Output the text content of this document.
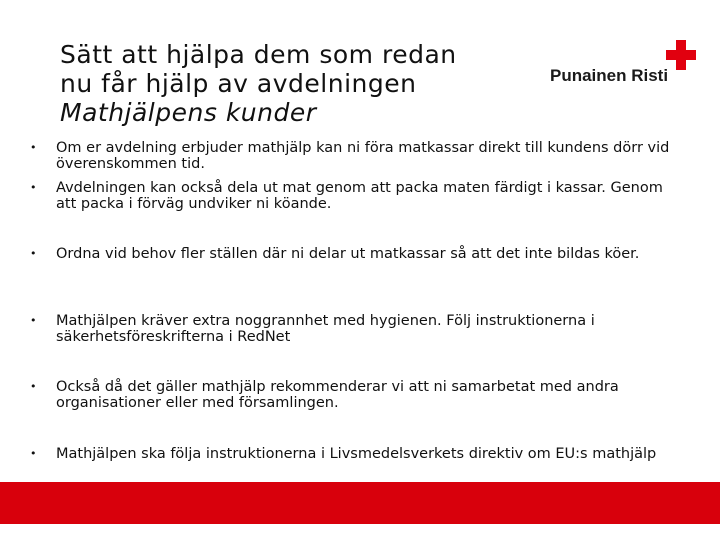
Sätt att hjälpa dem som redan
nu får hjälp av avdelningen
Mathjälpens kunder
Punainen Risti
•	Om er avdelning erbjuder mathjälp kan ni föra matkassar direkt till kundens dörr vid överenskommen tid.
•	Avdelningen kan också dela ut mat genom att packa maten färdigt i kassar. Genom att packa i förväg undviker ni köande.
•	Ordna vid behov fler ställen där ni delar ut matkassar så att det inte bildas köer.
•	Mathjälpen kräver extra noggrannhet med hygienen. Följ instruktionerna i säkerhetsföreskrifterna i RedNet
•	Också då det gäller mathjälp rekommenderar vi att ni samarbetat med andra organisationer eller med församlingen.
•	Mathjälpen ska följa instruktionerna i Livsmedelsverkets direktiv om EU:s mathjälp
